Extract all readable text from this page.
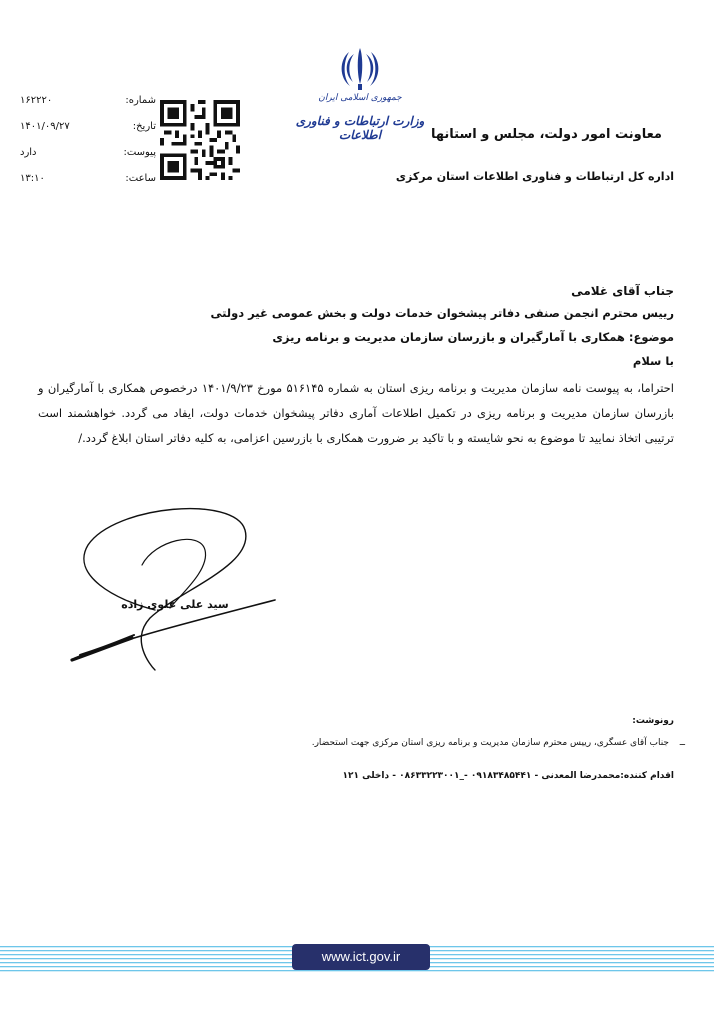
جمهوری اسلامی ایران
وزارت ارتباطات و فناوری اطلاعات	معاونت امور دولت، مجلس و استانها
اداره کل ارتباطات و فناوری اطلاعات استان مرکزی
شماره:
تاریخ:
پیوست:
ساعت:
۱۶۲۲۲۰
۱۴۰۱/۰۹/۲۷
دارد
۱۳:۱۰
جناب آقای غلامی
رییس محترم انجمن صنفی دفاتر پیشخوان خدمات دولت و بخش عمومی غیر دولتی
موضوع: همکاری با آمارگیران و بازرسان سازمان مدیریت و برنامه ریزی
با سلام
احتراما، به پیوست نامه سازمان مدیریت و برنامه ریزی استان به شماره ۵۱۶۱۴۵ مورخ ۱۴۰۱/۹/۲۳ درخصوص همکاری با آمارگیران و بازرسان سازمان مدیریت و برنامه ریزی در تکمیل اطلاعات آماری دفاتر پیشخوان خدمات دولت، ایفاد می گردد. خواهشمند است ترتیبی اتخاذ نمایید تا موضوع به نحو شایسته و با تاکید بر ضرورت همکاری با بازرسین اعزامی، به کلیه دفاتر استان ابلاغ گردد./
سید علی علوی زاده
رونوشت:
ــ
جناب آقای عسگری، رییس محترم سازمان مدیریت و برنامه ریزی استان مرکزی جهت استحضار.
اقدام کننده:محمدرضا المعدنی - ۰۹۱۸۳۴۸۵۴۴۱ -_۰۸۶۳۳۲۲۳۰۰۱ - داخلی ۱۲۱
www.ict.gov.ir
